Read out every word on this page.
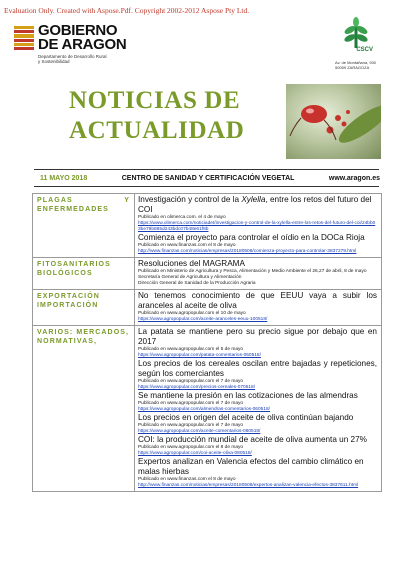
Evaluation Only. Created with Aspose.Pdf. Copyright 2002-2012 Aspose Pty Ltd.
GOBIERNO
DE ARAGON
Departamento de Desarrollo Rural y Sostenibilidad
CSCV
Av. de Montañana, 930
50059 ZARAGOZA
NOTICIAS DE
ACTUALIDAD
11 MAYO 2018	CENTRO DE SANIDAD Y CERTIFICACIÓN VEGETAL	www.aragon.es
PLAGAS Y ENFERMEDADES
Investigación y control de la Xylella, entre los retos del futuro del COI
Publicado en olimerca.com. el 4 de mayo
https://www.olimerca.com/noticiadet/investigacion-y-control-de-la-xylella-entre-los-retos-del-futuro-del-coi/24bb03be79b885d243bdc07b48e61f8b
Comienza el proyecto para controlar el oídio en la DOCa Rioja
Publicado en www.finanzas.com el 8 de mayo
http://www.finanzas.com/noticias/empresas/20180508/comienza-proyecto-para-controlar-3837279.html
FITOSANITARIOS BIOLÓGICOS
Resoluciones del MAGRAMA
Publicado en Ministerio de Agricultura y Pesca, Alimentación y Medio Ambiente el 26,27 de abril, 8 de mayo
Secretaría General de Agricultura y Alimentación
Dirección General de Sanidad de la Producción Agraria
EXPORTACIÓN IMPORTACIÓN
No tenemos conocimiento de que EEUU vaya a subir los aranceles al aceite de oliva
Publicado en www.agropopular.com el 10 de mayo
https://www.agropopular.com/aceite-aranceles-eeuu-100518/
VARIOS: MERCADOS, NORMATIVAS,
La patata se mantiene pero su precio sigue por debajo que en 2017
Publicado en www.agropopular.com el 5 de mayo
https://www.agropopular.com/patata-comentarios-050518/
Los precios de los cereales oscilan entre bajadas y repeticiones, según los comerciantes
Publicado en www.agropopular.com el 7 de mayo
https://www.agropopular.com/precios-cereales-070518/
Se mantiene la presión en las cotizaciones de las almendras
Publicado en www.agropopular.com el 7 de mayo
https://www.agropopular.com/almendras-comentarios-060518/
Los precios en origen del aceite de oliva continúan bajando
Publicado en www.agropopular.com el 7 de mayo
https://www.agropopular.com/aceite-comentarios-060518/
COI: la producción mundial de aceite de oliva aumenta un 27%
Publicado en www.agropopular.com el 8 de mayo
https://www.agropopular.com/coi-aceite-oliva-080518/
Expertos analizan en Valencia efectos del cambio climático en malas hierbas
Publicado en www.finanzas.com el 8 de mayo
http://www.finanzas.com/noticias/empresas/20180508/expertos-analizan-valencia-efectos-3837611.html
